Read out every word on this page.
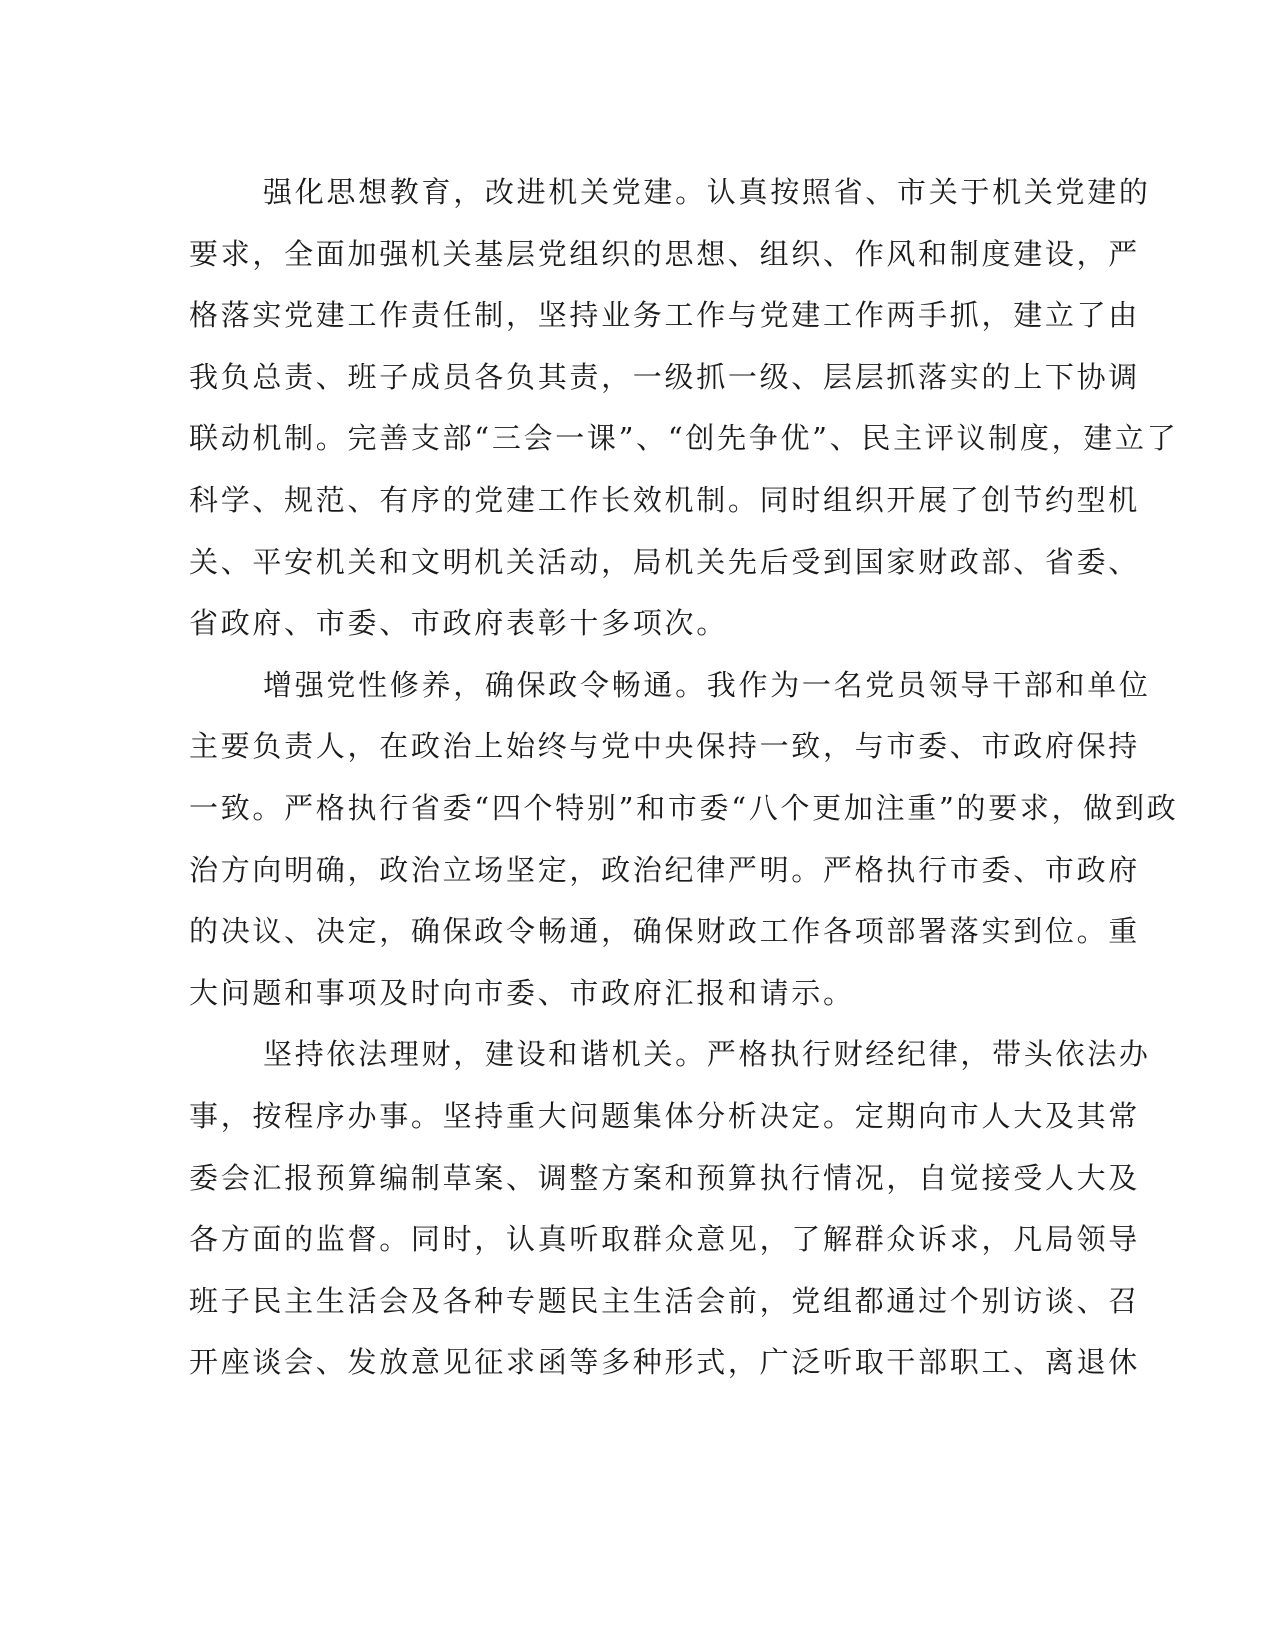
强化思想教育，改进机关党建。认真按照省、市关于机关党建的
要求，全面加强机关基层党组织的思想、组织、作风和制度建设，严
格落实党建工作责任制，坚持业务工作与党建工作两手抓，建立了由
我负总责、班子成员各负其责，一级抓一级、层层抓落实的上下协调
联动机制。完善支部“三会一课”、“创先争优”、民主评议制度，建立了
科学、规范、有序的党建工作长效机制。同时组织开展了创节约型机
关、平安机关和文明机关活动，局机关先后受到国家财政部、省委、
省政府、市委、市政府表彰十多项次。

增强党性修养，确保政令畅通。我作为一名党员领导干部和单位
主要负责人，在政治上始终与党中央保持一致，与市委、市政府保持
一致。严格执行省委“四个特别”和市委“八个更加注重”的要求，做到政
治方向明确，政治立场坚定，政治纪律严明。严格执行市委、市政府
的决议、决定，确保政令畅通，确保财政工作各项部署落实到位。重
大问题和事项及时向市委、市政府汇报和请示。

坚持依法理财，建设和谐机关。严格执行财经纪律，带头依法办
事，按程序办事。坚持重大问题集体分析决定。定期向市人大及其常
委会汇报预算编制草案、调整方案和预算执行情况，自觉接受人大及
各方面的监督。同时，认真听取群众意见，了解群众诉求，凡局领导
班子民主生活会及各种专题民主生活会前，党组都通过个别访谈、召
开座谈会、发放意见征求函等多种形式，广泛听取干部职工、离退休
